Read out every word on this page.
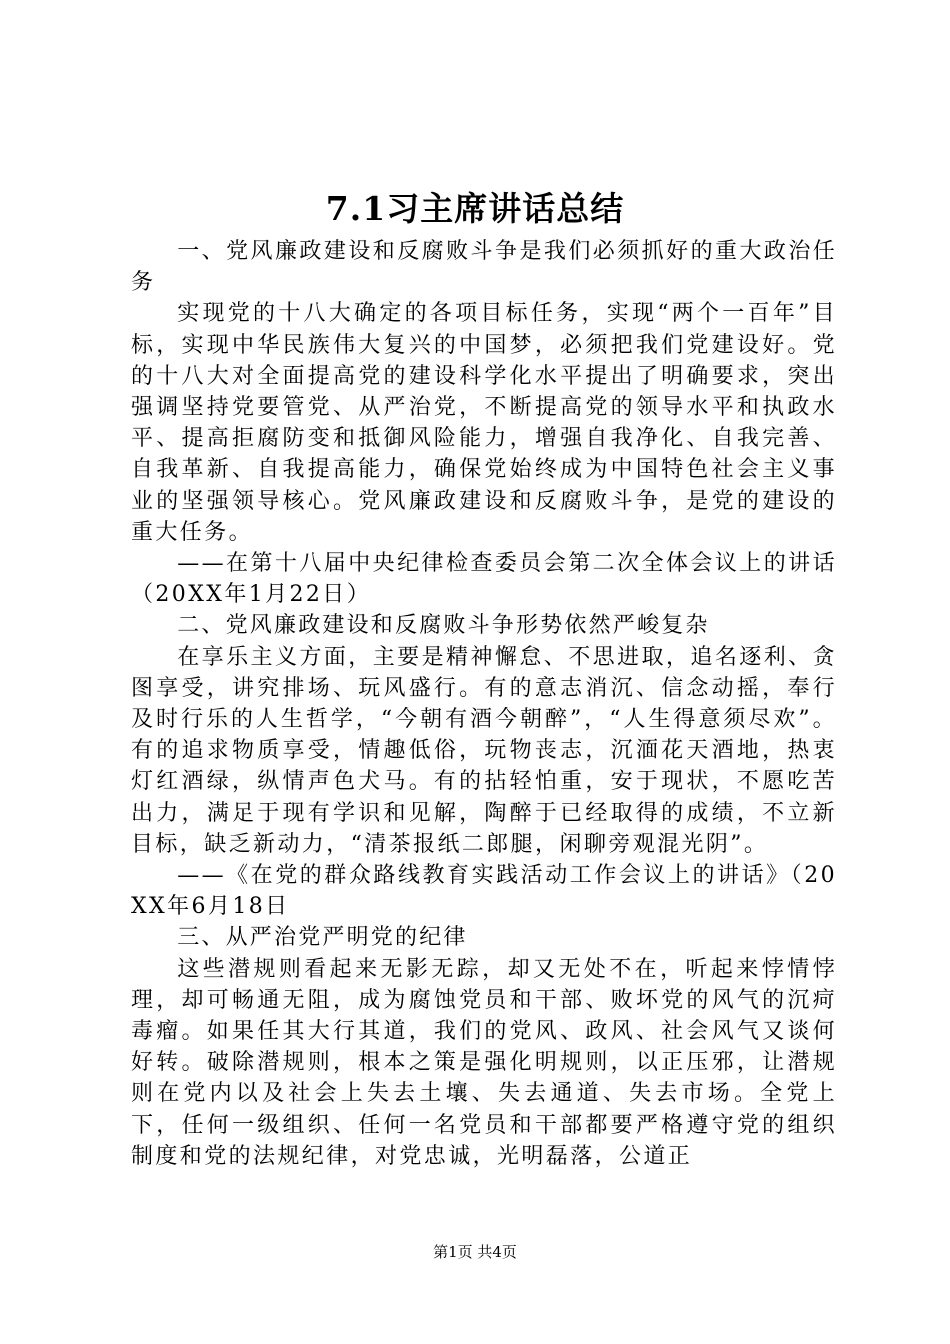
7.1习主席讲话总结

一、党风廉政建设和反腐败斗争是我们必须抓好的重大政治任务

实现党的十八大确定的各项目标任务，实现“两个一百年”目标，实现中华民族伟大复兴的中国梦，必须把我们党建设好。党的十八大对全面提高党的建设科学化水平提出了明确要求，突出强调坚持党要管党、从严治党，不断提高党的领导水平和执政水平、提高拒腐防变和抵御风险能力，增强自我净化、自我完善、自我革新、自我提高能力，确保党始终成为中国特色社会主义事业的坚强领导核心。党风廉政建设和反腐败斗争，是党的建设的重大任务。

——在第十八届中央纪律检查委员会第二次全体会议上的讲话（20XX年1月22日）

二、党风廉政建设和反腐败斗争形势依然严峻复杂

在享乐主义方面，主要是精神懈怠、不思进取，追名逐利、贪图享受，讲究排场、玩风盛行。有的意志消沉、信念动摇，奉行及时行乐的人生哲学，“今朝有酒今朝醉”，“人生得意须尽欢”。有的追求物质享受，情趣低俗，玩物丧志，沉湎花天酒地，热衷灯红酒绿，纵情声色犬马。有的拈轻怕重，安于现状，不愿吃苦出力，满足于现有学识和见解，陶醉于已经取得的成绩，不立新目标，缺乏新动力，“清茶报纸二郎腿，闲聊旁观混光阴”。

——《在党的群众路线教育实践活动工作会议上的讲话》（20XX年6月18日

三、从严治党严明党的纪律

这些潜规则看起来无影无踪，却又无处不在，听起来悖情悖理，却可畅通无阻，成为腐蚀党员和干部、败坏党的风气的沉疴毒瘤。如果任其大行其道，我们的党风、政风、社会风气又谈何好转。破除潜规则，根本之策是强化明规则，以正压邪，让潜规则在党内以及社会上失去土壤、失去通道、失去市场。全党上下，任何一级组织、任何一名党员和干部都要严格遵守党的组织制度和党的法规纪律，对党忠诚，光明磊落，公道正

第1页 共4页
